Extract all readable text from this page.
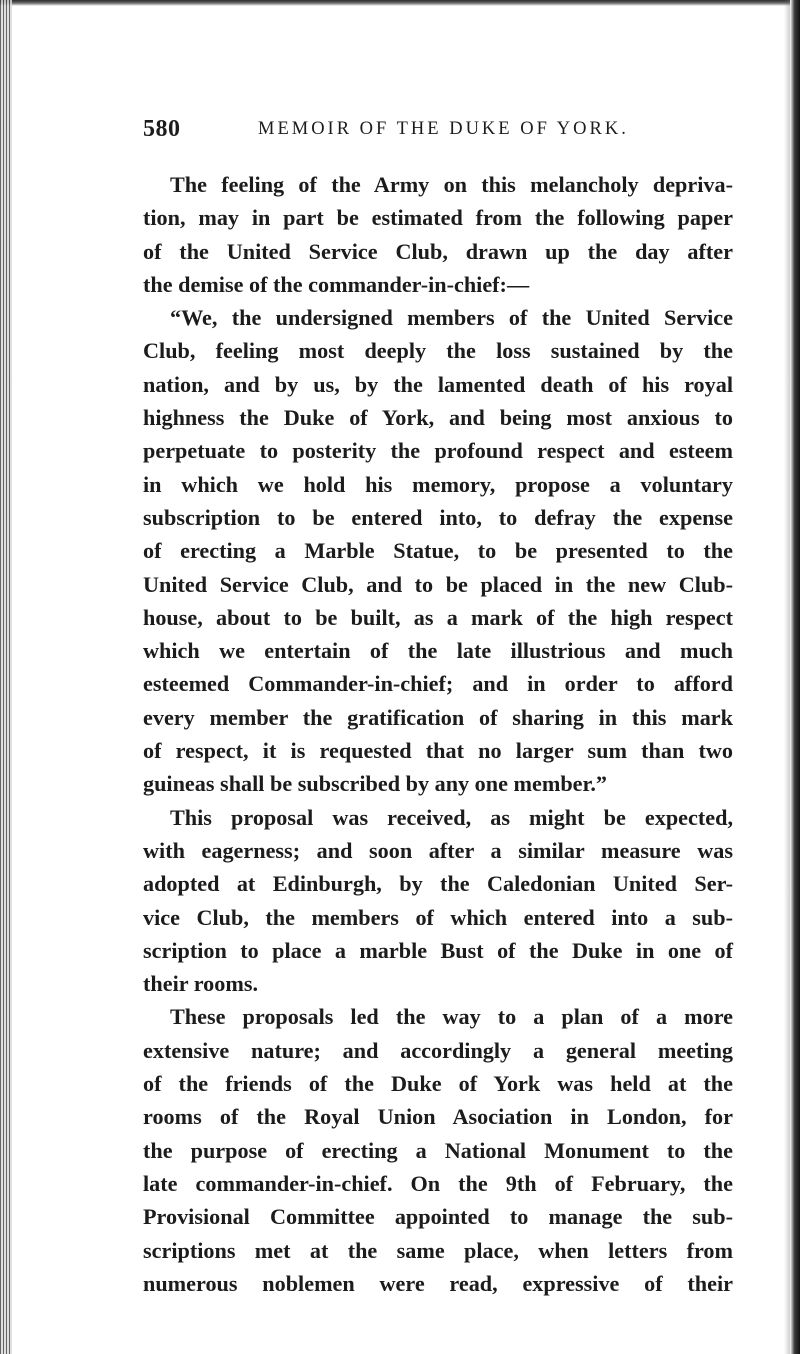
580	MEMOIR OF THE DUKE OF YORK.
The feeling of the Army on this melancholy depriva-
tion, may in part be estimated from the following paper
of the United Service Club, drawn up the day after
the demise of the commander-in-chief:—
“We, the undersigned members of the United Service
Club, feeling most deeply the loss sustained by the
nation, and by us, by the lamented death of his royal
highness the Duke of York, and being most anxious to
perpetuate to posterity the profound respect and esteem
in which we hold his memory, propose a voluntary
subscription to be entered into, to defray the expense
of erecting a Marble Statue, to be presented to the
United Service Club, and to be placed in the new Club-
house, about to be built, as a mark of the high respect
which we entertain of the late illustrious and much
esteemed Commander-in-chief; and in order to afford
every member the gratification of sharing in this mark
of respect, it is requested that no larger sum than two
guineas shall be subscribed by any one member.”
This proposal was received, as might be expected,
with eagerness; and soon after a similar measure was
adopted at Edinburgh, by the Caledonian United Ser-
vice Club, the members of which entered into a sub-
scription to place a marble Bust of the Duke in one of
their rooms.
These proposals led the way to a plan of a more
extensive nature; and accordingly a general meeting
of the friends of the Duke of York was held at the
rooms of the Royal Union Asociation in London, for
the purpose of erecting a National Monument to the
late commander-in-chief. On the 9th of February, the
Provisional Committee appointed to manage the sub-
scriptions met at the same place, when letters from
numerous noblemen were read, expressive of their
